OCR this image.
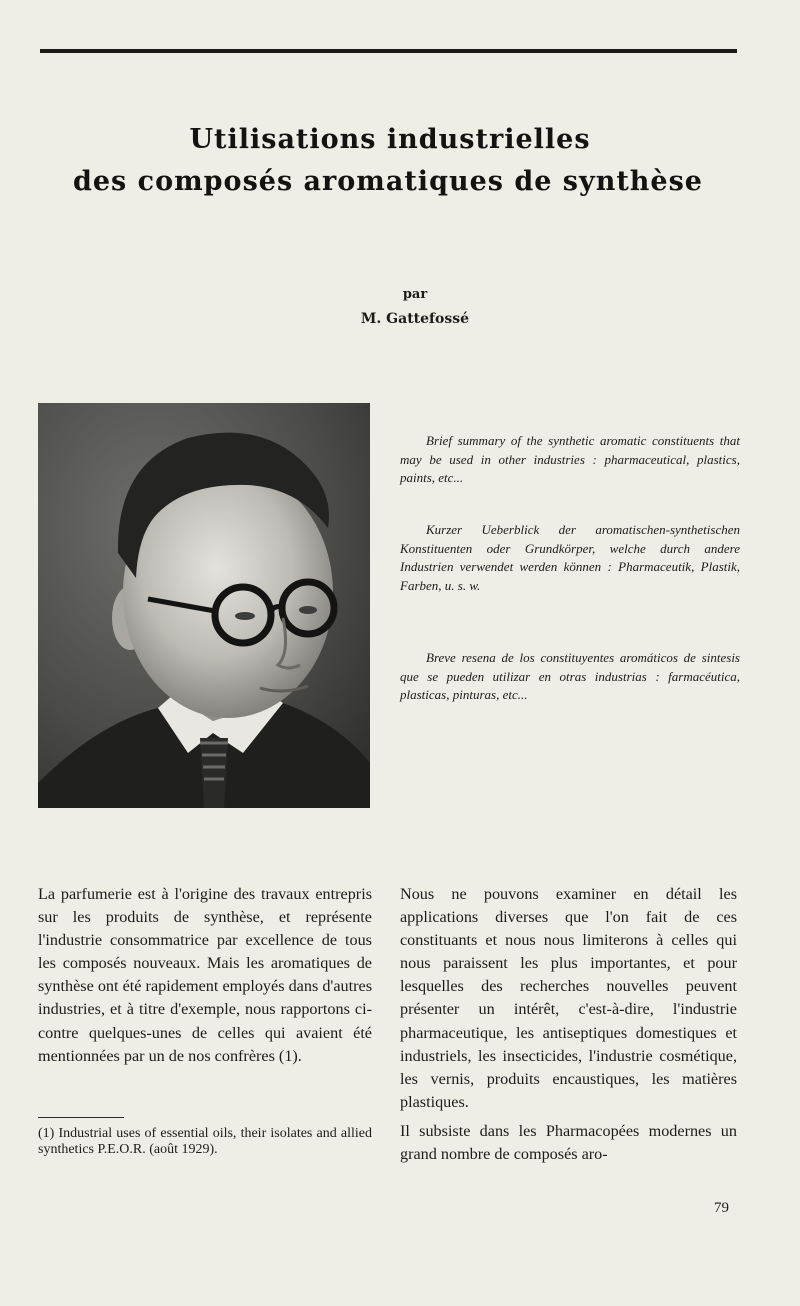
Utilisations industrielles
des composés aromatiques de synthèse
par
M. Gattefossé
Brief summary of the synthetic aromatic constituents that may be used in other industries : pharmaceutical, plastics, paints, etc...
Kurzer Ueberblick der aromatischen-synthetischen Konstituenten oder Grundkörper, welche durch andere Industrien verwendet werden können : Pharmaceutik, Plastik, Farben, u. s. w.
Breve resena de los constituyentes aromáticos de sintesis que se pueden utilizar en otras industrias : farmacéutica, plasticas, pinturas, etc...

La parfumerie est à l'origine des travaux entrepris sur les produits de synthèse, et représente l'industrie consommatrice par excellence de tous les composés nouveaux. Mais les aromatiques de synthèse ont été rapidement employés dans d'autres industries, et à titre d'exemple, nous rapportons ci-contre quelques-unes de celles qui avaient été mentionnées par un de nos confrères (1).

Nous ne pouvons examiner en détail les applications diverses que l'on fait de ces constituants et nous nous limiterons à celles qui nous paraissent les plus importantes, et pour lesquelles des recherches nouvelles peuvent présenter un intérêt, c'est-à-dire, l'industrie pharmaceutique, les antiseptiques domestiques et industriels, les insecticides, l'industrie cosmétique, les vernis, produits encaustiques, les matières plastiques.

Il subsiste dans les Pharmacopées modernes un grand nombre de composés aro-

(1) Industrial uses of essential oils, their isolates and allied synthetics P.E.O.R. (août 1929).
79
